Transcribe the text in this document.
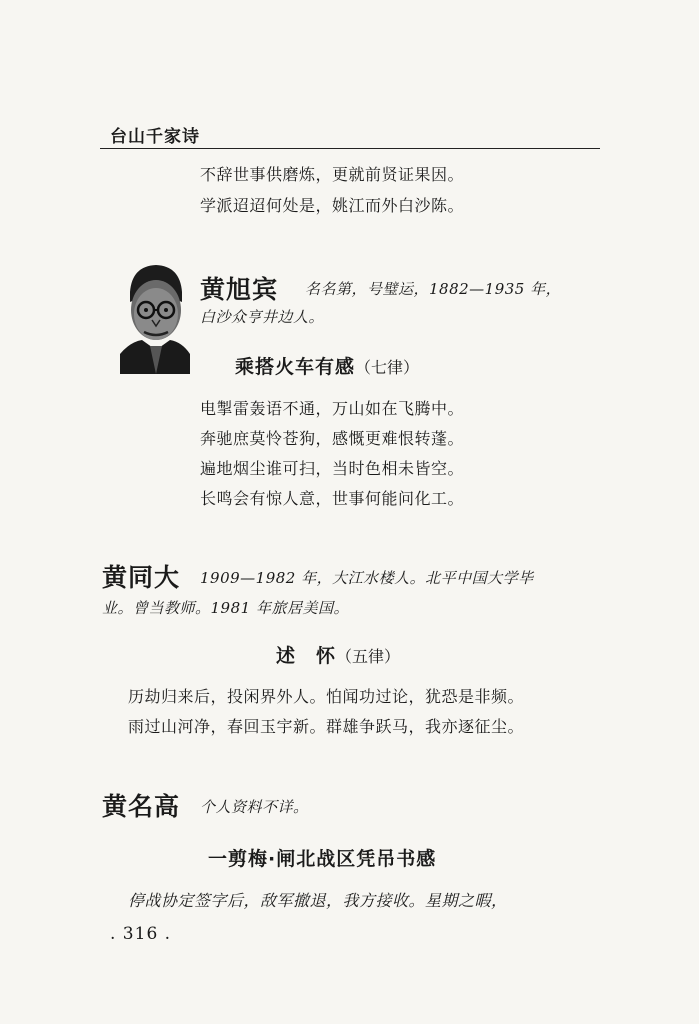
台山千家诗
不辞世事供磨炼，更就前贤证果因。
学派迢迢何处是，姚江而外白沙陈。
黄旭宾 名名第，号璧运，1882—1935 年，
白沙众亨井边人。
乘搭火车有感（七律）
电掣雷轰语不通，万山如在飞腾中。
奔驰庶莫怜苍狗，感慨更难恨转蓬。
遍地烟尘谁可扫，当时色相未皆空。
长鸣会有惊人意，世事何能问化工。
黄同大 1909—1982 年，大江水楼人。北平中国大学毕
业。曾当教师。1981 年旅居美国。
述　怀（五律）
历劫归来后，投闲界外人。怕闻功过论，犹恐是非频。
雨过山河净，春回玉宇新。群雄争跃马，我亦逐征尘。
黄名高 个人资料不详。
一剪梅·闸北战区凭吊书感
停战协定签字后，敌军撤退，我方接收。星期之暇，
. 316 .
